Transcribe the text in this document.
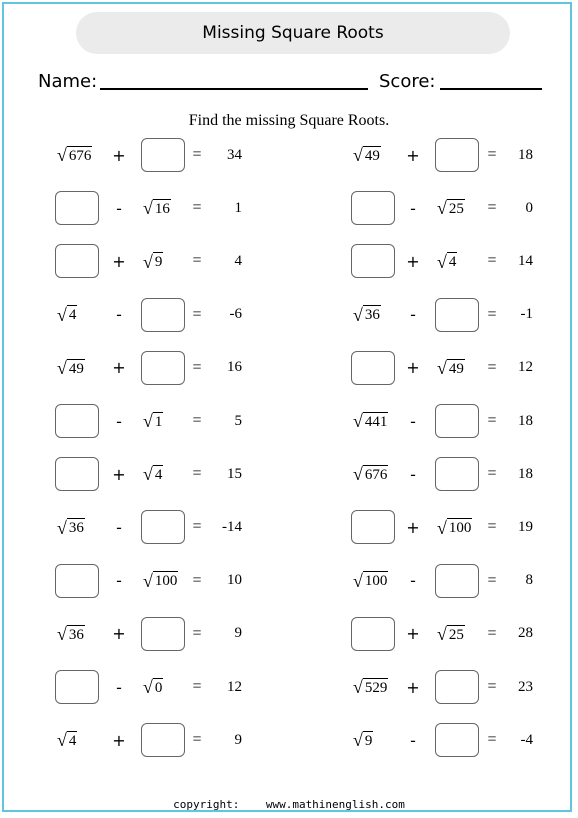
Missing Square Roots
Name:	Score:
Find the missing Square Roots.
√ 676 +	=	34	√ 49 +	=	18
-	√ 16 =	1	-	√ 25 =	0
+ √ 9 =	4	+ √ 4 =	14
√ 4	-	=	-6	√ 36	-	=	-1
√ 49 +	=	16	+ √ 49 =	12
-	√ 1 =	5	√ 441	-	=	18
+ √ 4 =	15	√ 676	-	=	18
√ 36	-	=	-14	+ √ 100 =	19
-	√ 100 =	10	√ 100	-	=	8
√ 36 +	=	9	+ √ 25 =	28
-	√ 0 =	12	√ 529 +	=	23
√ 4 +	=	9	√ 9	-	=	-4
copyright: www.mathinenglish.com
